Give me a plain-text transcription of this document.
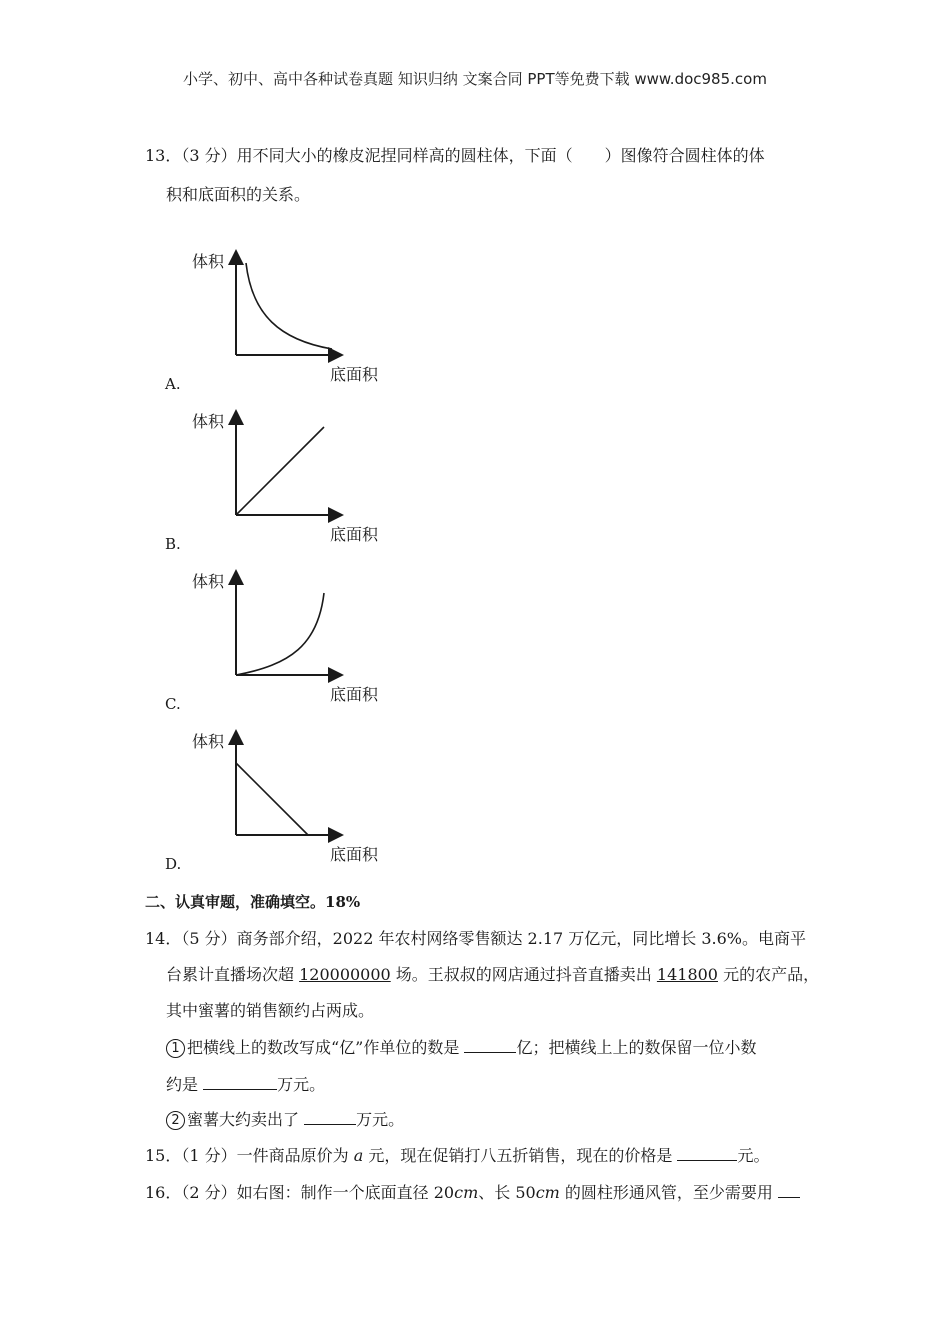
小学、初中、高中各种试卷真题 知识归纳 文案合同 PPT等免费下载 www.doc985.com
13．（3 分）用不同大小的橡皮泥捏同样高的圆柱体，下面（　　）图像符合圆柱体的体
积和底面积的关系。
体积
底面积
A.
体积
底面积
B.
体积
底面积
C.
体积
底面积
D.
二、认真审题，准确填空。18%
14．（5 分）商务部介绍，2022 年农村网络零售额达 2.17 万亿元，同比增长 3.6%。电商平
台累计直播场次超 120000000 场。王叔叔的网店通过抖音直播卖出 141800 元的农产品，
其中蜜薯的销售额约占两成。
1 把横线上的数改写成“亿”作单位的数是	亿；把横线上上的数保留一位小数
约是	万元。
2 蜜薯大约卖出了	万元。
15．（1 分）一件商品原价为 a 元，现在促销打八五折销售，现在的价格是	元。
16．（2 分）如右图：制作一个底面直径 20cm、长 50cm 的圆柱形通风管，至少需要用
